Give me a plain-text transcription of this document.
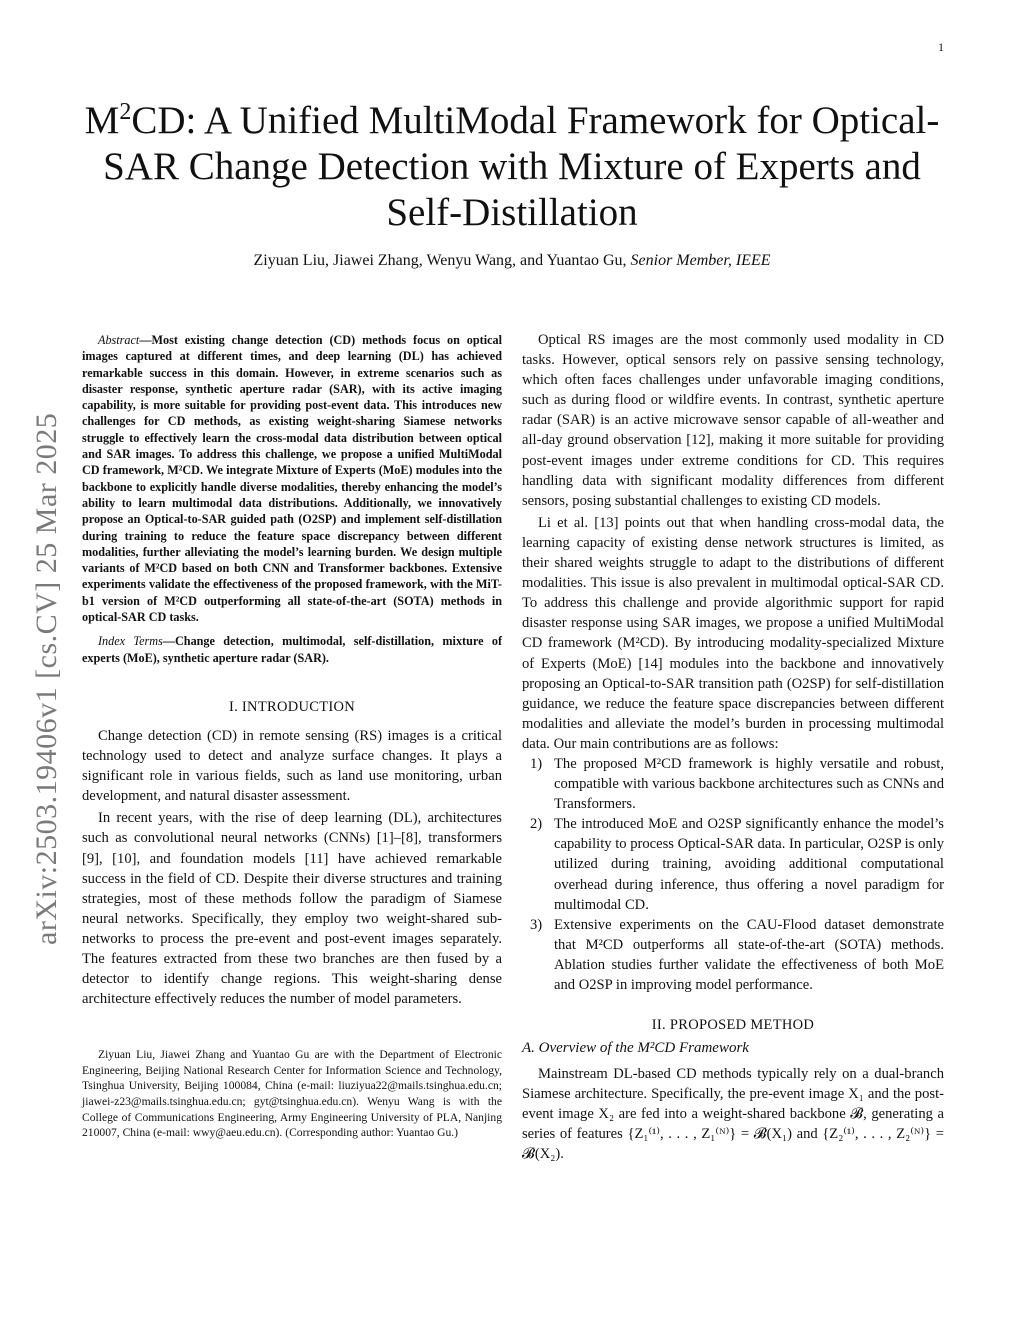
1
arXiv:2503.19406v1 [cs.CV] 25 Mar 2025
$M^2CD$: A Unified MultiModal Framework for Optical-SAR Change Detection with Mixture of Experts and Self-Distillation
Ziyuan Liu, Jiawei Zhang, Wenyu Wang, and Yuantao Gu, Senior Member, IEEE

Abstract—Most existing change detection (CD) methods focus on optical images captured at different times, and deep learning (DL) has achieved remarkable success in this domain. However, in extreme scenarios such as disaster response, synthetic aperture radar (SAR), with its active imaging capability, is more suitable for providing post-event data. This introduces new challenges for CD methods, as existing weight-sharing Siamese networks struggle to effectively learn the cross-modal data distribution between optical and SAR images. To address this challenge, we propose a unified MultiModal CD framework, M²CD. We integrate Mixture of Experts (MoE) modules into the backbone to explicitly handle diverse modalities, thereby enhancing the model’s ability to learn multimodal data distributions. Additionally, we innovatively propose an Optical-to-SAR guided path (O2SP) and implement self-distillation during training to reduce the feature space discrepancy between different modalities, further alleviating the model’s learning burden. We design multiple variants of M²CD based on both CNN and Transformer backbones. Extensive experiments validate the effectiveness of the proposed framework, with the MiT-b1 version of M²CD outperforming all state-of-the-art (SOTA) methods in optical-SAR CD tasks.

Index Terms—Change detection, multimodal, self-distillation, mixture of experts (MoE), synthetic aperture radar (SAR).

I. INTRODUCTION

Change detection (CD) in remote sensing (RS) images is a critical technology used to detect and analyze surface changes. It plays a significant role in various fields, such as land use monitoring, urban development, and natural disaster assessment.

In recent years, with the rise of deep learning (DL), architectures such as convolutional neural networks (CNNs) [1]–[8], transformers [9], [10], and foundation models [11] have achieved remarkable success in the field of CD. Despite their diverse structures and training strategies, most of these methods follow the paradigm of Siamese neural networks. Specifically, they employ two weight-shared sub-networks to process the pre-event and post-event images separately. The features extracted from these two branches are then fused by a detector to identify change regions. This weight-sharing dense architecture effectively reduces the number of model parameters.

Ziyuan Liu, Jiawei Zhang and Yuantao Gu are with the Department of Electronic Engineering, Beijing National Research Center for Information Science and Technology, Tsinghua University, Beijing 100084, China (e-mail: liuziyua22@mails.tsinghua.edu.cn; jiawei-z23@mails.tsinghua.edu.cn; gyt@tsinghua.edu.cn). Wenyu Wang is with the College of Communications Engineering, Army Engineering University of PLA, Nanjing 210007, China (e-mail: wwy@aeu.edu.cn). (Corresponding author: Yuantao Gu.)

Optical RS images are the most commonly used modality in CD tasks. However, optical sensors rely on passive sensing technology, which often faces challenges under unfavorable imaging conditions, such as during flood or wildfire events. In contrast, synthetic aperture radar (SAR) is an active microwave sensor capable of all-weather and all-day ground observation [12], making it more suitable for providing post-event images under extreme conditions for CD. This requires handling data with significant modality differences from different sensors, posing substantial challenges to existing CD models.

Li et al. [13] points out that when handling cross-modal data, the learning capacity of existing dense network structures is limited, as their shared weights struggle to adapt to the distributions of different modalities. This issue is also prevalent in multimodal optical-SAR CD. To address this challenge and provide algorithmic support for rapid disaster response using SAR images, we propose a unified MultiModal CD framework (M²CD). By introducing modality-specialized Mixture of Experts (MoE) [14] modules into the backbone and innovatively proposing an Optical-to-SAR transition path (O2SP) for self-distillation guidance, we reduce the feature space discrepancies between different modalities and alleviate the model’s burden in processing multimodal data. Our main contributions are as follows:

1) The proposed M²CD framework is highly versatile and robust, compatible with various backbone architectures such as CNNs and Transformers.
2) The introduced MoE and O2SP significantly enhance the model’s capability to process Optical-SAR data. In particular, O2SP is only utilized during training, avoiding additional computational overhead during inference, thus offering a novel paradigm for multimodal CD.
3) Extensive experiments on the CAU-Flood dataset demonstrate that M²CD outperforms all state-of-the-art (SOTA) methods. Ablation studies further validate the effectiveness of both MoE and O2SP in improving model performance.
II. PROPOSED METHOD
A. Overview of the M²CD Framework

Mainstream DL-based CD methods typically rely on a dual-branch Siamese architecture. Specifically, the pre-event image X₁ and the post-event image X₂ are fed into a weight-shared backbone 𝓑, generating a series of features {Z₁⁽¹⁾, . . . , Z₁⁽ᴺ⁾} = 𝓑(X₁) and {Z₂⁽¹⁾, . . . , Z₂⁽ᴺ⁾} = 𝓑(X₂).
